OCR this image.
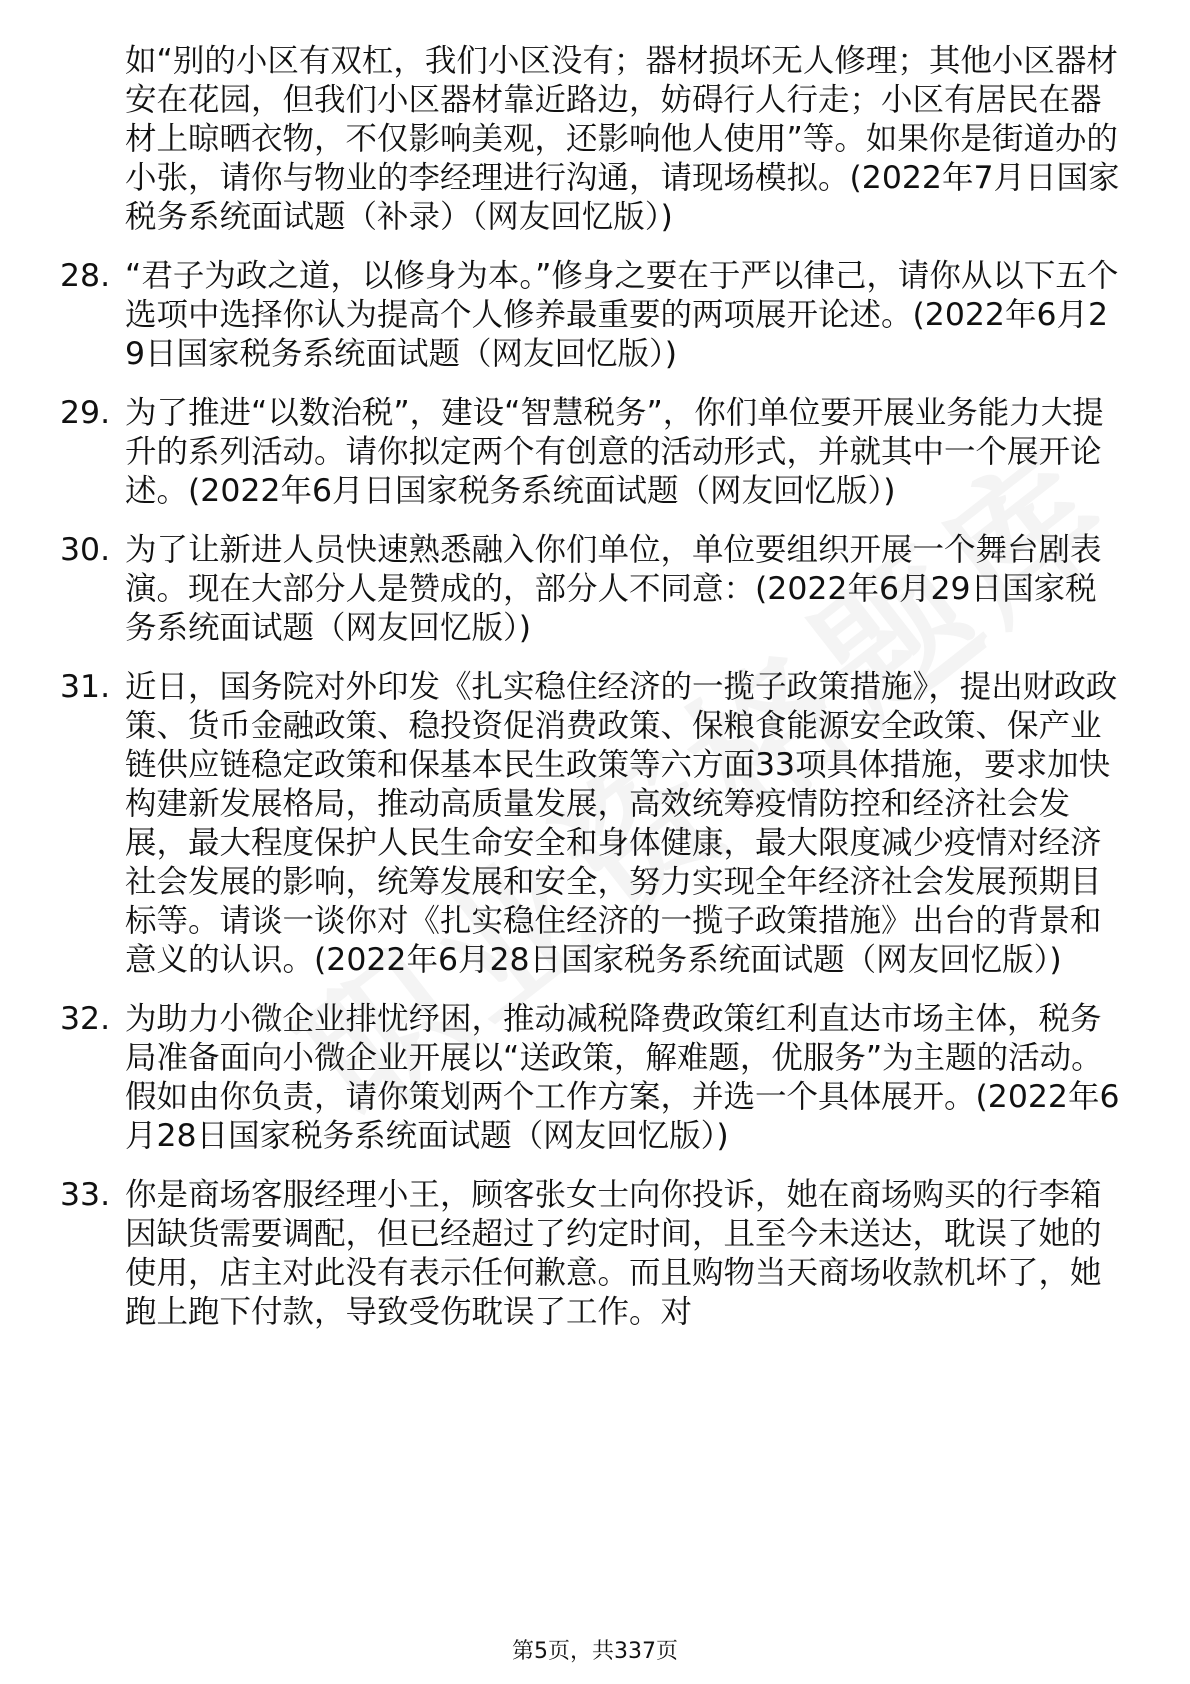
如“别的小区有双杠，我们小区没有；器材损坏无人修理；其他小区器材安在花园，但我们小区器材靠近路边，妨碍行人行走；小区有居民在器材上晾晒衣物，不仅影响美观，还影响他人使用”等。如果你是街道办的小张，请你与物业的李经理进行沟通，请现场模拟。(2022年7月日国家税务系统面试题（补录）（网友回忆版）)
28. “君子为政之道，以修身为本。”修身之要在于严以律己，请你从以下五个选项中选择你认为提高个人修养最重要的两项展开论述。(2022年6月29日国家税务系统面试题（网友回忆版）)
29. 为了推进“以数治税”，建设“智慧税务”，你们单位要开展业务能力大提升的系列活动。请你拟定两个有创意的活动形式，并就其中一个展开论述。(2022年6月日国家税务系统面试题（网友回忆版）)
30. 为了让新进人员快速熟悉融入你们单位，单位要组织开展一个舞台剧表演。现在大部分人是赞成的，部分人不同意：(2022年6月29日国家税务系统面试题（网友回忆版）)
31. 近日，国务院对外印发《扎实稳住经济的一揽子政策措施》，提出财政政策、货币金融政策、稳投资促消费政策、保粮食能源安全政策、保产业链供应链稳定政策和保基本民生政策等六方面33项具体措施，要求加快构建新发展格局，推动高质量发展，高效统筹疫情防控和经济社会发展，最大程度保护人民生命安全和身体健康，最大限度减少疫情对经济社会发展的影响，统筹发展和安全，努力实现全年经济社会发展预期目标等。请谈一谈你对《扎实稳住经济的一揽子政策措施》出台的背景和意义的认识。(2022年6月28日国家税务系统面试题（网友回忆版）)
32. 为助力小微企业排忧纾困，推动减税降费政策红利直达市场主体，税务局准备面向小微企业开展以“送政策，解难题，优服务”为主题的活动。假如由你负责，请你策划两个工作方案，并选一个具体展开。(2022年6月28日国家税务系统面试题（网友回忆版）)
33. 你是商场客服经理小王，顾客张女士向你投诉，她在商场购买的行李箱因缺货需要调配，但已经超过了约定时间，且至今未送达，耽误了她的使用，店主对此没有表示任何歉意。而且购物当天商场收款机坏了，她跑上跑下付款，导致受伤耽误了工作。对
第5页，共337页
